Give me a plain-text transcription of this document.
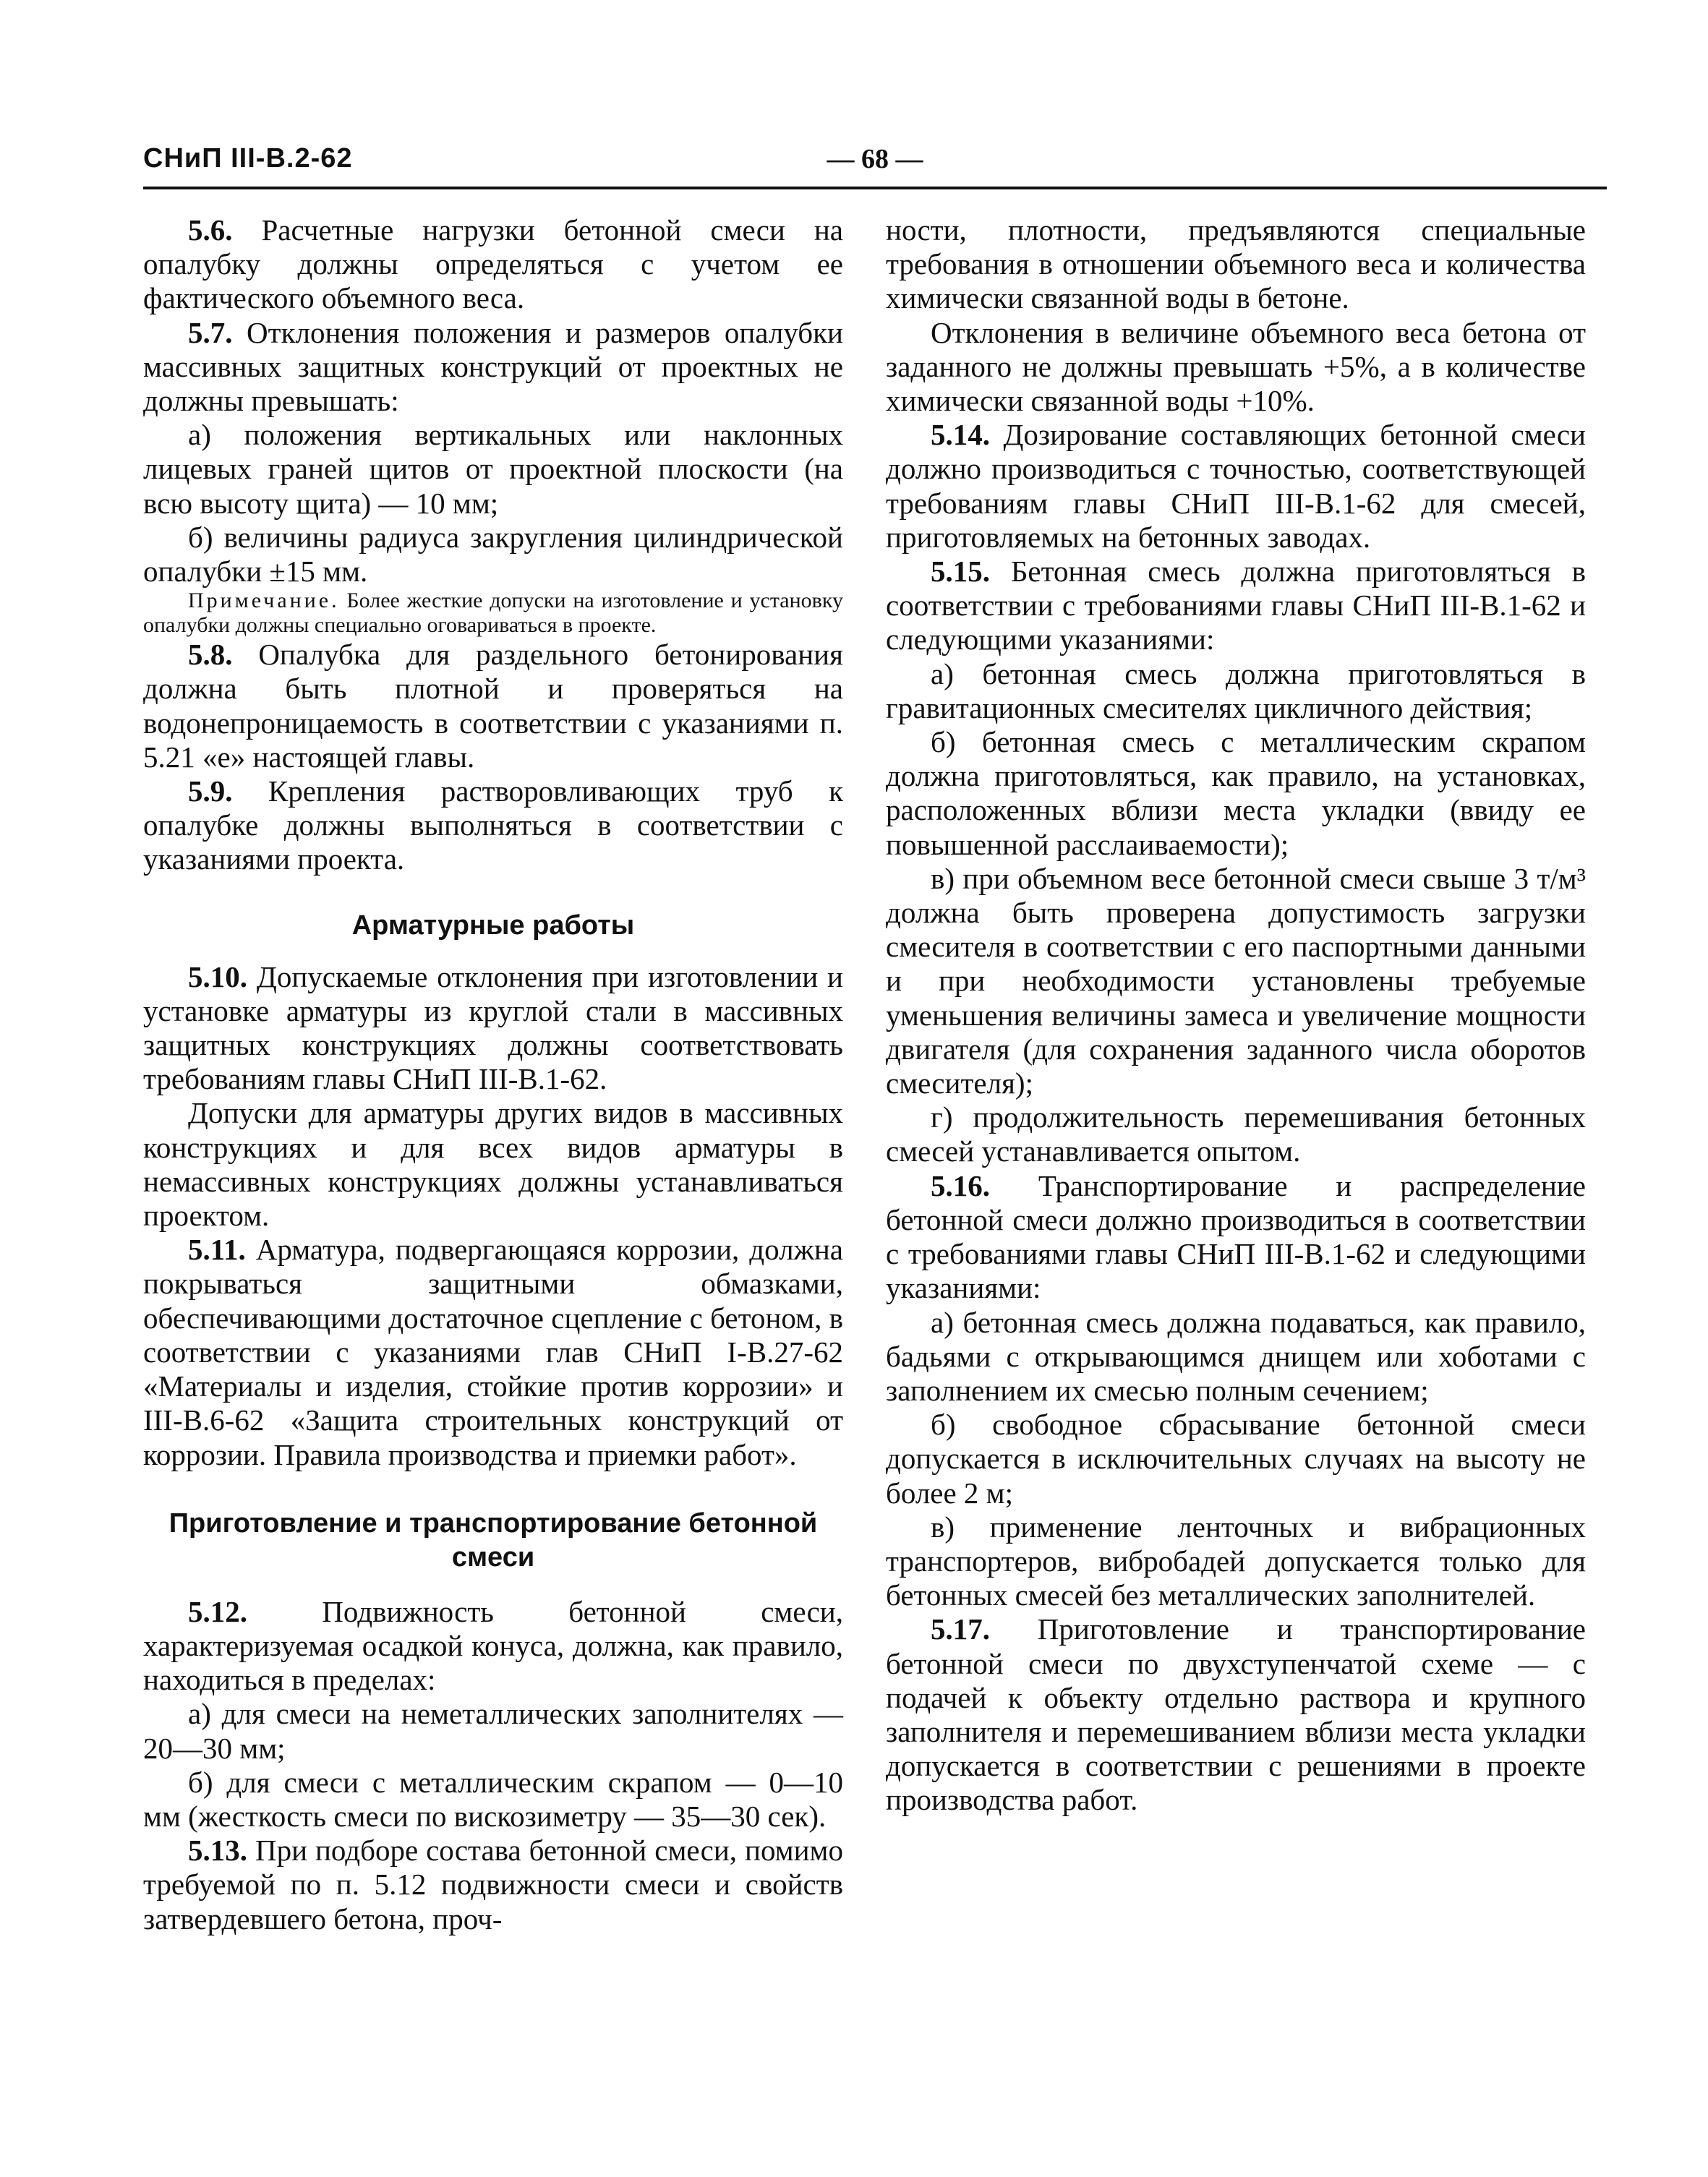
СНиП III-В.2-62	— 68 —

5.6. Расчетные нагрузки бетонной смеси на опалубку должны определяться с учетом ее фактического объемного веса.

5.7. Отклонения положения и размеров опалубки массивных защитных конструкций от проектных не должны превышать:

а) положения вертикальных или наклонных лицевых граней щитов от проектной плоскости (на всю высоту щита) — 10 мм;

б) величины радиуса закругления цилиндрической опалубки ±15 мм.

Примечание. Более жесткие допуски на изготовление и установку опалубки должны специально оговариваться в проекте.

5.8. Опалубка для раздельного бетонирования должна быть плотной и проверяться на водонепроницаемость в соответствии с указаниями п. 5.21 «е» настоящей главы.

5.9. Крепления растворовливающих труб к опалубке должны выполняться в соответствии с указаниями проекта.

Арматурные работы

5.10. Допускаемые отклонения при изготовлении и установке арматуры из круглой стали в массивных защитных конструкциях должны соответствовать требованиям главы СНиП III-В.1-62.

Допуски для арматуры других видов в массивных конструкциях и для всех видов арматуры в немассивных конструкциях должны устанавливаться проектом.

5.11. Арматура, подвергающаяся коррозии, должна покрываться защитными обмазками, обеспечивающими достаточное сцепление с бетоном, в соответствии с указаниями глав СНиП I-В.27-62 «Материалы и изделия, стойкие против коррозии» и III-В.6-62 «Защита строительных конструкций от коррозии. Правила производства и приемки работ».

Приготовление и транспортирование бетонной смеси

5.12. Подвижность бетонной смеси, характеризуемая осадкой конуса, должна, как правило, находиться в пределах:

а) для смеси на неметаллических заполнителях — 20—30 мм;

б) для смеси с металлическим скрапом — 0—10 мм (жесткость смеси по вискозиметру — 35—30 сек).

5.13. При подборе состава бетонной смеси, помимо требуемой по п. 5.12 подвижности смеси и свойств затвердевшего бетона, проч-

ности, плотности, предъявляются специальные требования в отношении объемного веса и количества химически связанной воды в бетоне.

Отклонения в величине объемного веса бетона от заданного не должны превышать +5%, а в количестве химически связанной воды +10%.

5.14. Дозирование составляющих бетонной смеси должно производиться с точностью, соответствующей требованиям главы СНиП III-В.1-62 для смесей, приготовляемых на бетонных заводах.

5.15. Бетонная смесь должна приготовляться в соответствии с требованиями главы СНиП III-В.1-62 и следующими указаниями:

а) бетонная смесь должна приготовляться в гравитационных смесителях цикличного действия;

б) бетонная смесь с металлическим скрапом должна приготовляться, как правило, на установках, расположенных вблизи места укладки (ввиду ее повышенной расслаиваемости);

в) при объемном весе бетонной смеси свыше 3 т/м³ должна быть проверена допустимость загрузки смесителя в соответствии с его паспортными данными и при необходимости установлены требуемые уменьшения величины замеса и увеличение мощности двигателя (для сохранения заданного числа оборотов смесителя);

г) продолжительность перемешивания бетонных смесей устанавливается опытом.

5.16. Транспортирование и распределение бетонной смеси должно производиться в соответствии с требованиями главы СНиП III-В.1-62 и следующими указаниями:

а) бетонная смесь должна подаваться, как правило, бадьями с открывающимся днищем или хоботами с заполнением их смесью полным сечением;

б) свободное сбрасывание бетонной смеси допускается в исключительных случаях на высоту не более 2 м;

в) применение ленточных и вибрационных транспортеров, вибробадей допускается только для бетонных смесей без металлических заполнителей.

5.17. Приготовление и транспортирование бетонной смеси по двухступенчатой схеме — с подачей к объекту отдельно раствора и крупного заполнителя и перемешиванием вблизи места укладки допускается в соответствии с решениями в проекте производства работ.
